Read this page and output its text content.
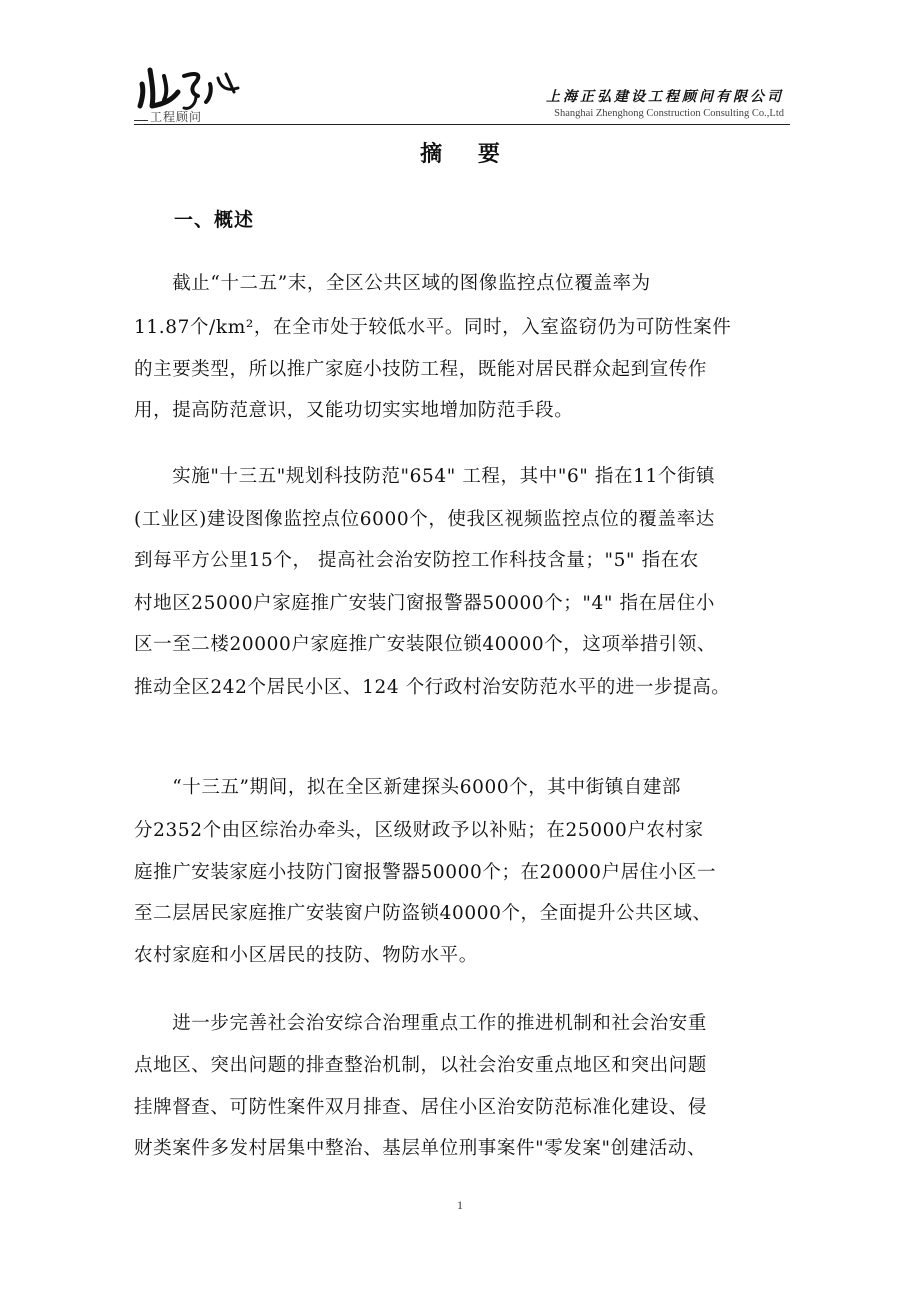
工程顾问
上海正弘建设工程顾问有限公司
Shanghai Zhenghong Construction Consulting Co.,Ltd
摘 要
一、概述
　　截止“十二五”末，全区公共区域的图像监控点位覆盖率为
11.87个/km²，在全市处于较低水平。同时，入室盗窃仍为可防性案件
的主要类型，所以推广家庭小技防工程，既能对居民群众起到宣传作
用，提高防范意识，又能功切实实地增加防范手段。
　　实施"十三五"规划科技防范"654" 工程，其中"6" 指在11个街镇
(工业区)建设图像监控点位6000个，使我区视频监控点位的覆盖率达
到每平方公里15个， 提高社会治安防控工作科技含量；"5" 指在农
村地区25000户家庭推广安装门窗报警器50000个；"4" 指在居住小
区一至二楼20000户家庭推广安装限位锁40000个，这项举措引领、
推动全区242个居民小区、124 个行政村治安防范水平的进一步提高。
　　“十三五”期间，拟在全区新建探头6000个，其中街镇自建部
分2352个由区综治办牵头，区级财政予以补贴；在25000户农村家
庭推广安装家庭小技防门窗报警器50000个；在20000户居住小区一
至二层居民家庭推广安装窗户防盗锁40000个，全面提升公共区域、
农村家庭和小区居民的技防、物防水平。
　　进一步完善社会治安综合治理重点工作的推进机制和社会治安重
点地区、突出问题的排查整治机制，以社会治安重点地区和突出问题
挂牌督查、可防性案件双月排查、居住小区治安防范标准化建设、侵
财类案件多发村居集中整治、基层单位刑事案件"零发案"创建活动、
1
